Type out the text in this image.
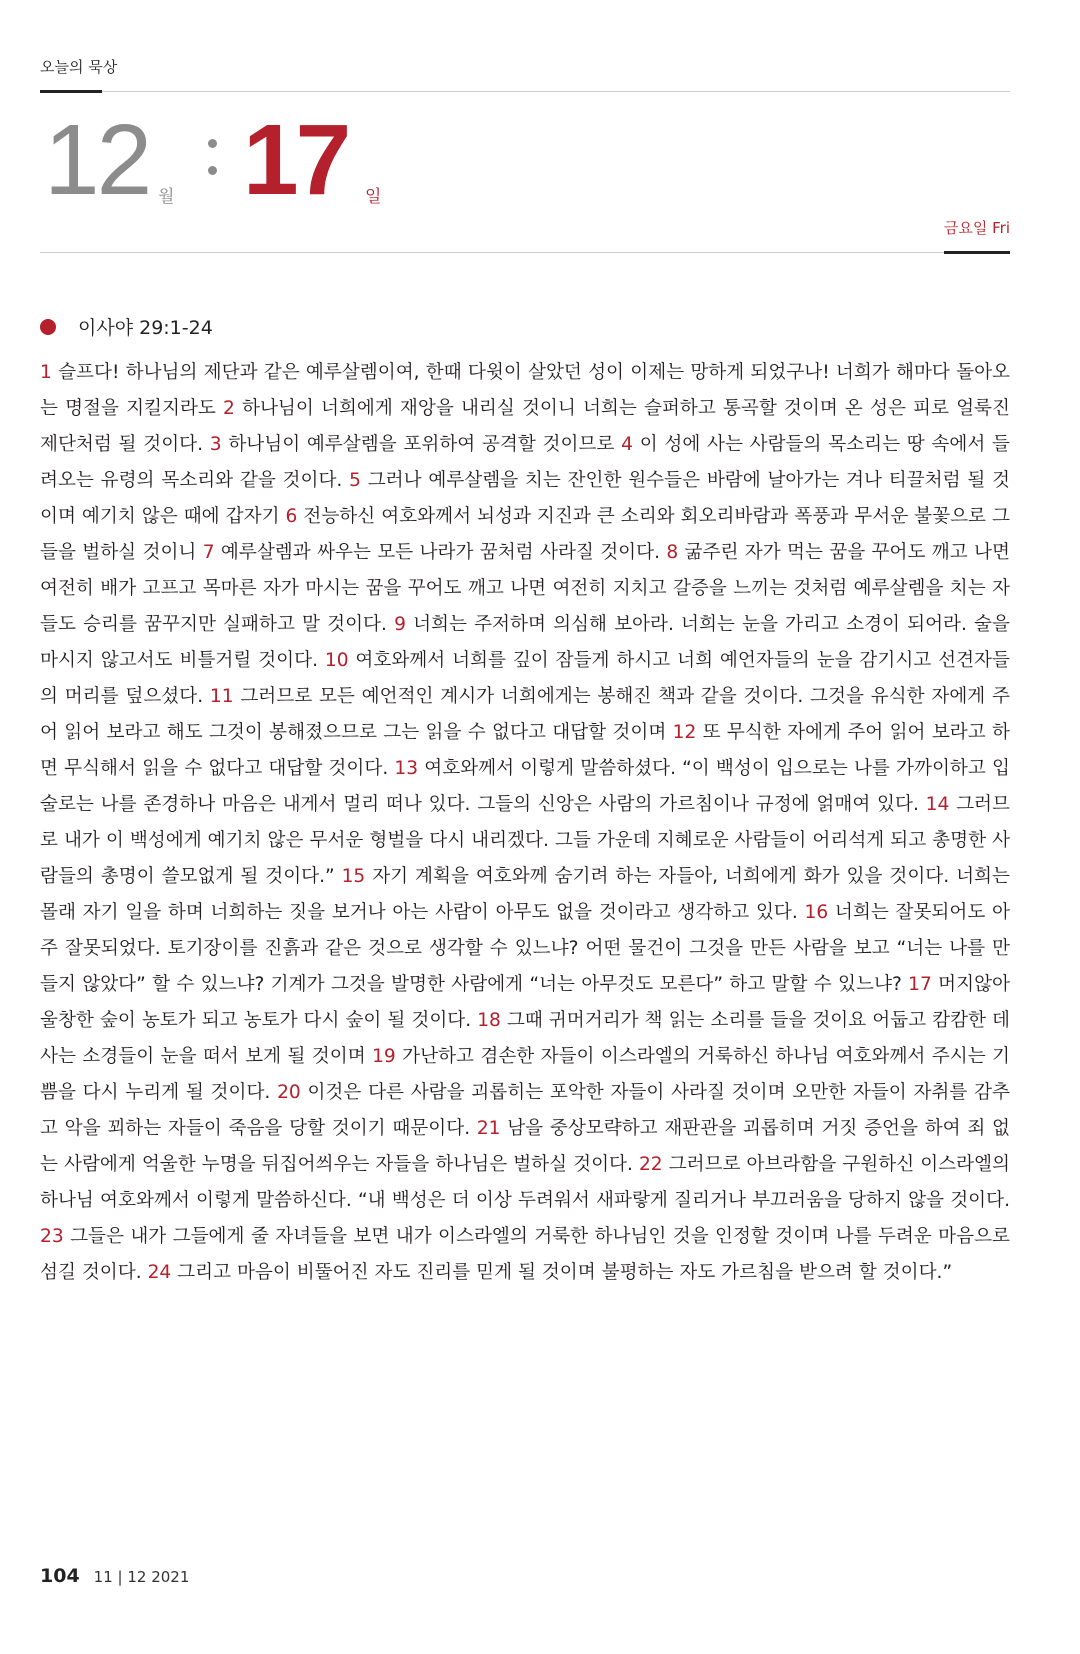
오늘의 묵상
12 월 17 일
금요일 Fri
이사야 29:1-24
1 슬프다! 하나님의 제단과 같은 예루살렘이여, 한때 다윗이 살았던 성이 이제는 망하게 되었구나! 너희가 해마다 돌아오는 명절을 지킬지라도 2 하나님이 너희에게 재앙을 내리실 것이니 너희는 슬퍼하고 통곡할 것이며 온 성은 피로 얼룩진 제단처럼 될 것이다. 3 하나님이 예루살렘을 포위하여 공격할 것이므로 4 이 성에 사는 사람들의 목소리는 땅 속에서 들려오는 유령의 목소리와 같을 것이다. 5 그러나 예루살렘을 치는 잔인한 원수들은 바람에 날아가는 겨나 티끌처럼 될 것이며 예기치 않은 때에 갑자기 6 전능하신 여호와께서 뇌성과 지진과 큰 소리와 회오리바람과 폭풍과 무서운 불꽃으로 그들을 벌하실 것이니 7 예루살렘과 싸우는 모든 나라가 꿈처럼 사라질 것이다. 8 굶주린 자가 먹는 꿈을 꾸어도 깨고 나면 여전히 배가 고프고 목마른 자가 마시는 꿈을 꾸어도 깨고 나면 여전히 지치고 갈증을 느끼는 것처럼 예루살렘을 치는 자들도 승리를 꿈꾸지만 실패하고 말 것이다. 9 너희는 주저하며 의심해 보아라. 너희는 눈을 가리고 소경이 되어라. 술을 마시지 않고서도 비틀거릴 것이다. 10 여호와께서 너희를 깊이 잠들게 하시고 너희 예언자들의 눈을 감기시고 선견자들의 머리를 덮으셨다. 11 그러므로 모든 예언적인 계시가 너희에게는 봉해진 책과 같을 것이다. 그것을 유식한 자에게 주어 읽어 보라고 해도 그것이 봉해졌으므로 그는 읽을 수 없다고 대답할 것이며 12 또 무식한 자에게 주어 읽어 보라고 하면 무식해서 읽을 수 없다고 대답할 것이다. 13 여호와께서 이렇게 말씀하셨다. “이 백성이 입으로는 나를 가까이하고 입술로는 나를 존경하나 마음은 내게서 멀리 떠나 있다. 그들의 신앙은 사람의 가르침이나 규정에 얽매여 있다. 14 그러므로 내가 이 백성에게 예기치 않은 무서운 형벌을 다시 내리겠다. 그들 가운데 지혜로운 사람들이 어리석게 되고 총명한 사람들의 총명이 쓸모없게 될 것이다.” 15 자기 계획을 여호와께 숨기려 하는 자들아, 너희에게 화가 있을 것이다. 너희는 몰래 자기 일을 하며 너희하는 짓을 보거나 아는 사람이 아무도 없을 것이라고 생각하고 있다. 16 너희는 잘못되어도 아주 잘못되었다. 토기장이를 진흙과 같은 것으로 생각할 수 있느냐? 어떤 물건이 그것을 만든 사람을 보고 “너는 나를 만들지 않았다” 할 수 있느냐? 기계가 그것을 발명한 사람에게 “너는 아무것도 모른다” 하고 말할 수 있느냐? 17 머지않아 울창한 숲이 농토가 되고 농토가 다시 숲이 될 것이다. 18 그때 귀머거리가 책 읽는 소리를 들을 것이요 어둡고 캄캄한 데 사는 소경들이 눈을 떠서 보게 될 것이며 19 가난하고 겸손한 자들이 이스라엘의 거룩하신 하나님 여호와께서 주시는 기쁨을 다시 누리게 될 것이다. 20 이것은 다른 사람을 괴롭히는 포악한 자들이 사라질 것이며 오만한 자들이 자취를 감추고 악을 꾀하는 자들이 죽음을 당할 것이기 때문이다. 21 남을 중상모략하고 재판관을 괴롭히며 거짓 증언을 하여 죄 없는 사람에게 억울한 누명을 뒤집어씌우는 자들을 하나님은 벌하실 것이다. 22 그러므로 아브라함을 구원하신 이스라엘의 하나님 여호와께서 이렇게 말씀하신다. “내 백성은 더 이상 두려워서 새파랗게 질리거나 부끄러움을 당하지 않을 것이다. 23 그들은 내가 그들에게 줄 자녀들을 보면 내가 이스라엘의 거룩한 하나님인 것을 인정할 것이며 나를 두려운 마음으로 섬길 것이다. 24 그리고 마음이 비뚤어진 자도 진리를 믿게 될 것이며 불평하는 자도 가르침을 받으려 할 것이다.”
104 11 | 12 2021
